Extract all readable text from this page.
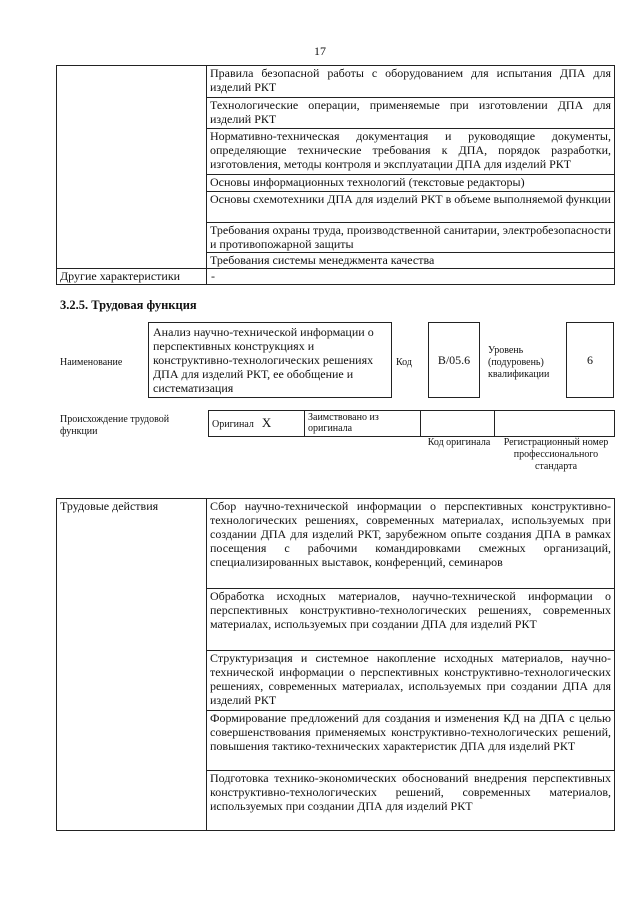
17
	Правила безопасной работы с оборудованием для испытания ДПА для изделий РКТ
	Технологические операции, применяемые при изготовлении ДПА для изделий РКТ
	Нормативно-техническая документация и руководящие документы, определяющие технические требования к ДПА, порядок разработки, изготовления, методы контроля и эксплуатации ДПА для изделий РКТ
	Основы информационных технологий (текстовые редакторы)
	Основы схемотехники ДПА для изделий РКТ в объеме выполняемой функции
	Требования охраны труда, производственной санитарии, электробезопасности и противопожарной защиты
	Требования системы менеджмента качества
Другие характеристики	-
3.2.5. Трудовая функция
Наименование
Анализ научно-технической информации о перспективных конструкциях и конструктивно-технологических решениях ДПА для изделий РКТ, ее обобщение и систематизация
Код В/05.6
Уровень (подуровень) квалификации
6
Происхождение трудовой функции
Оригинал X	Заимствовано из оригинала		
Код оригинала	Регистрационный номер профессионального стандарта
Трудовые действия	Сбор научно-технической информации о перспективных конструктивно-технологических решениях, современных материалах, используемых при создании ДПА для изделий РКТ, зарубежном опыте создания ДПА в рамках посещения с рабочими командировками смежных организаций, специализированных выставок, конференций, семинаров
Обработка исходных материалов, научно-технической информации о перспективных конструктивно-технологических решениях, современных материалах, используемых при создании ДПА для изделий РКТ
Структуризация и системное накопление исходных материалов, научно-технической информации о перспективных конструктивно-технологических решениях, современных материалах, используемых при создании ДПА для изделий РКТ
Формирование предложений для создания и изменения КД на ДПА с целью совершенствования применяемых конструктивно-технологических решений, повышения тактико-технических характеристик ДПА для изделий РКТ
Подготовка технико-экономических обоснований внедрения перспективных конструктивно-технологических решений, современных материалов, используемых при создании ДПА для изделий РКТ
